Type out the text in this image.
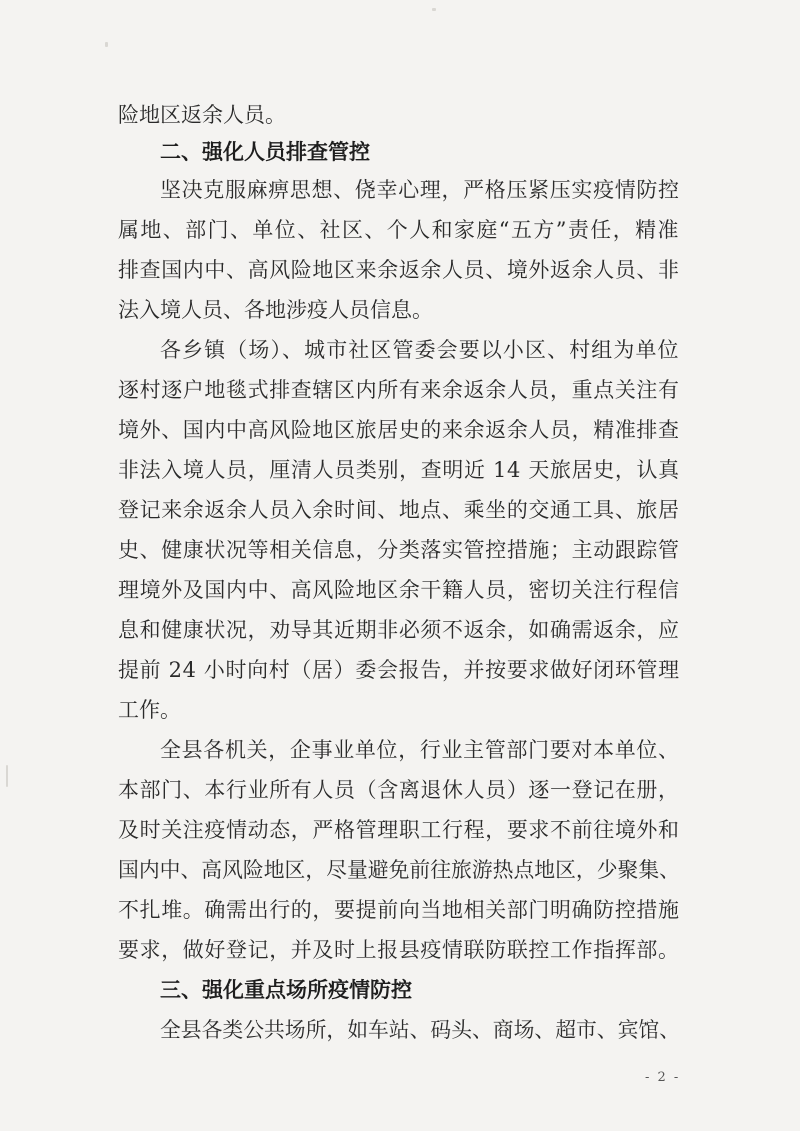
险地区返余人员。
二、强化人员排查管控
坚决克服麻痹思想、侥幸心理，严格压紧压实疫情防控
属地、部门、单位、社区、个人和家庭“五方”责任，精准
排查国内中、高风险地区来余返余人员、境外返余人员、非
法入境人员、各地涉疫人员信息。
各乡镇（场）、城市社区管委会要以小区、村组为单位
逐村逐户地毯式排查辖区内所有来余返余人员，重点关注有
境外、国内中高风险地区旅居史的来余返余人员，精准排查
非法入境人员，厘清人员类别，查明近 14 天旅居史，认真
登记来余返余人员入余时间、地点、乘坐的交通工具、旅居
史、健康状况等相关信息，分类落实管控措施；主动跟踪管
理境外及国内中、高风险地区余干籍人员，密切关注行程信
息和健康状况，劝导其近期非必须不返余，如确需返余，应
提前 24 小时向村（居）委会报告，并按要求做好闭环管理
工作。
全县各机关，企事业单位，行业主管部门要对本单位、
本部门、本行业所有人员（含离退休人员）逐一登记在册，
及时关注疫情动态，严格管理职工行程，要求不前往境外和
国内中、高风险地区，尽量避免前往旅游热点地区，少聚集、
不扎堆。确需出行的，要提前向当地相关部门明确防控措施
要求，做好登记，并及时上报县疫情联防联控工作指挥部。
三、强化重点场所疫情防控
全县各类公共场所，如车站、码头、商场、超市、宾馆、
- 2 -
